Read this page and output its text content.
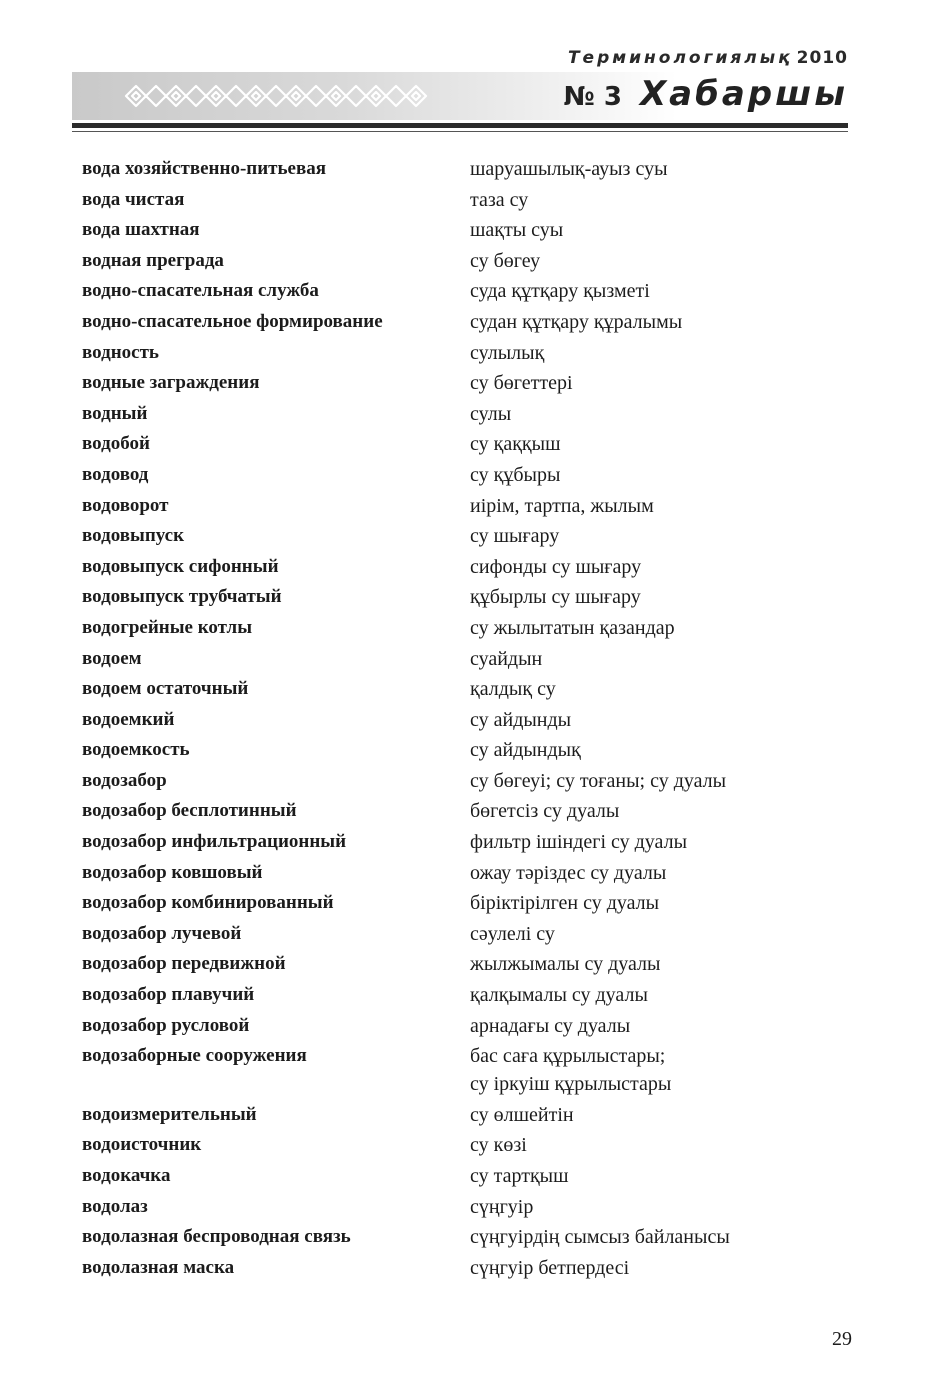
Терминологиялық 2010
№ 3 Хабаршы
вода хозяйственно-питьевая	шаруашылық-ауыз суы
вода чистая	таза су
вода шахтная	шақты суы
водная преграда	су бөгеу
водно-спасательная служба	суда құтқару қызметі
водно-спасательное формирование	судан құтқару құралымы
водность	сулылық
водные заграждения	су бөгеттері
водный	сулы
водобой	су қаққыш
водовод	су құбыры
водоворот	иірім, тартпа, жылым
водовыпуск	су шығару
водовыпуск сифонный	сифонды су шығару
водовыпуск трубчатый	құбырлы су шығару
водогрейные котлы	су жылытатын қазандар
водоем	суайдын
водоем остаточный	қалдық су
водоемкий	су айдынды
водоемкость	су айдындық
водозабор	су бөгеуі; су тоғаны; су дуалы
водозабор бесплотинный	бөгетсіз су дуалы
водозабор инфильтрационный	фильтр ішіндегі су дуалы
водозабор ковшовый	ожау тәріздес су дуалы
водозабор комбинированный	біріктірілген су дуалы
водозабор лучевой	сәулелі су
водозабор передвижной	жылжымалы су дуалы
водозабор плавучий	қалқымалы су дуалы
водозабор русловой	арнадағы су дуалы
водозаборные сооружения	бас саға құрылыстары;
су іркуіш құрылыстары
водоизмерительный	су өлшейтін
водоисточник	су көзі
водокачка	су тартқыш
водолаз	сүңгуір
водолазная беспроводная связь	сүңгуірдің сымсыз байланысы
водолазная маска	сүңгуір бетпердесі
29
